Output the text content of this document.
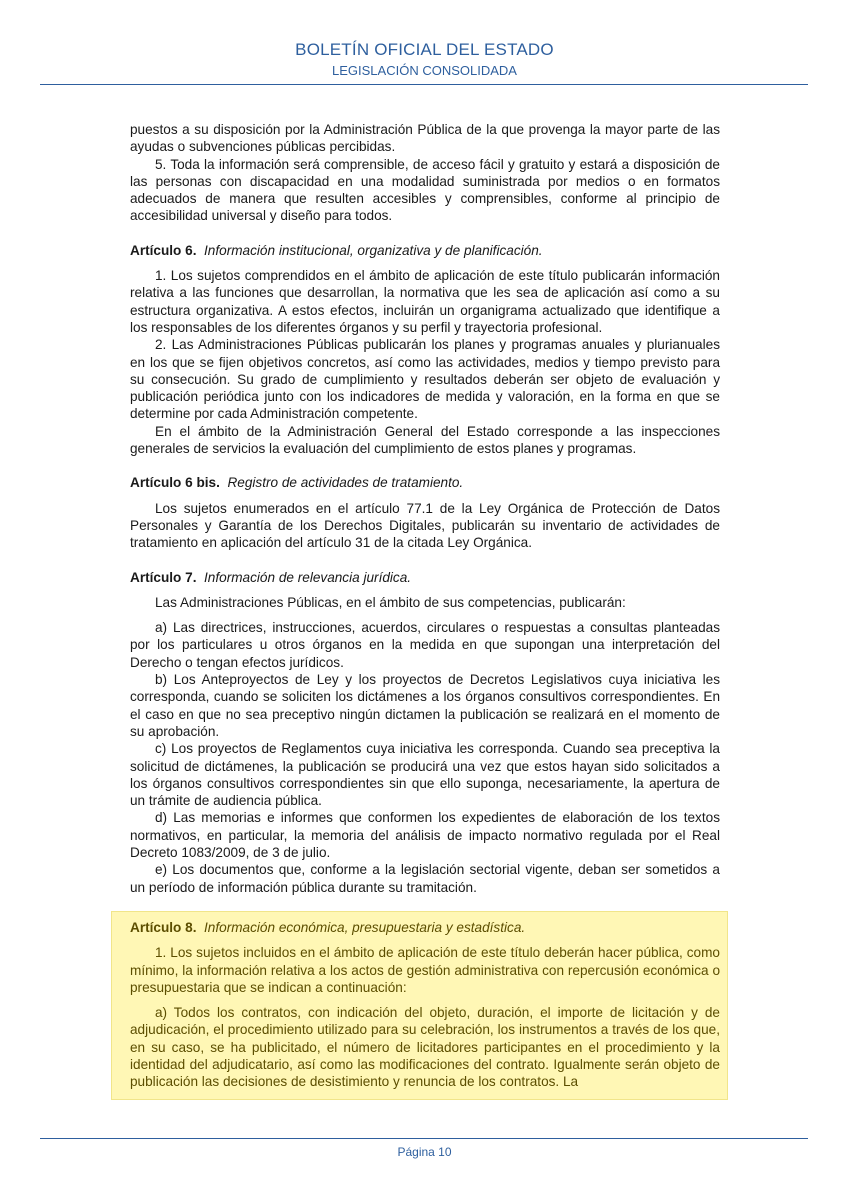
BOLETÍN OFICIAL DEL ESTADO
LEGISLACIÓN CONSOLIDADA

puestos a su disposición por la Administración Pública de la que provenga la mayor parte de las ayudas o subvenciones públicas percibidas.

5. Toda la información será comprensible, de acceso fácil y gratuito y estará a disposición de las personas con discapacidad en una modalidad suministrada por medios o en formatos adecuados de manera que resulten accesibles y comprensibles, conforme al principio de accesibilidad universal y diseño para todos.

Artículo 6. Información institucional, organizativa y de planificación.

1. Los sujetos comprendidos en el ámbito de aplicación de este título publicarán información relativa a las funciones que desarrollan, la normativa que les sea de aplicación así como a su estructura organizativa. A estos efectos, incluirán un organigrama actualizado que identifique a los responsables de los diferentes órganos y su perfil y trayectoria profesional.

2. Las Administraciones Públicas publicarán los planes y programas anuales y plurianuales en los que se fijen objetivos concretos, así como las actividades, medios y tiempo previsto para su consecución. Su grado de cumplimiento y resultados deberán ser objeto de evaluación y publicación periódica junto con los indicadores de medida y valoración, en la forma en que se determine por cada Administración competente.

En el ámbito de la Administración General del Estado corresponde a las inspecciones generales de servicios la evaluación del cumplimiento de estos planes y programas.

Artículo 6 bis. Registro de actividades de tratamiento.

Los sujetos enumerados en el artículo 77.1 de la Ley Orgánica de Protección de Datos Personales y Garantía de los Derechos Digitales, publicarán su inventario de actividades de tratamiento en aplicación del artículo 31 de la citada Ley Orgánica.

Artículo 7. Información de relevancia jurídica.

Las Administraciones Públicas, en el ámbito de sus competencias, publicarán:

a) Las directrices, instrucciones, acuerdos, circulares o respuestas a consultas planteadas por los particulares u otros órganos en la medida en que supongan una interpretación del Derecho o tengan efectos jurídicos.

b) Los Anteproyectos de Ley y los proyectos de Decretos Legislativos cuya iniciativa les corresponda, cuando se soliciten los dictámenes a los órganos consultivos correspondientes. En el caso en que no sea preceptivo ningún dictamen la publicación se realizará en el momento de su aprobación.

c) Los proyectos de Reglamentos cuya iniciativa les corresponda. Cuando sea preceptiva la solicitud de dictámenes, la publicación se producirá una vez que estos hayan sido solicitados a los órganos consultivos correspondientes sin que ello suponga, necesariamente, la apertura de un trámite de audiencia pública.

d) Las memorias e informes que conformen los expedientes de elaboración de los textos normativos, en particular, la memoria del análisis de impacto normativo regulada por el Real Decreto 1083/2009, de 3 de julio.

e) Los documentos que, conforme a la legislación sectorial vigente, deban ser sometidos a un período de información pública durante su tramitación.

Artículo 8. Información económica, presupuestaria y estadística.

1. Los sujetos incluidos en el ámbito de aplicación de este título deberán hacer pública, como mínimo, la información relativa a los actos de gestión administrativa con repercusión económica o presupuestaria que se indican a continuación:

a) Todos los contratos, con indicación del objeto, duración, el importe de licitación y de adjudicación, el procedimiento utilizado para su celebración, los instrumentos a través de los que, en su caso, se ha publicitado, el número de licitadores participantes en el procedimiento y la identidad del adjudicatario, así como las modificaciones del contrato. Igualmente serán objeto de publicación las decisiones de desistimiento y renuncia de los contratos. La

Página 10
